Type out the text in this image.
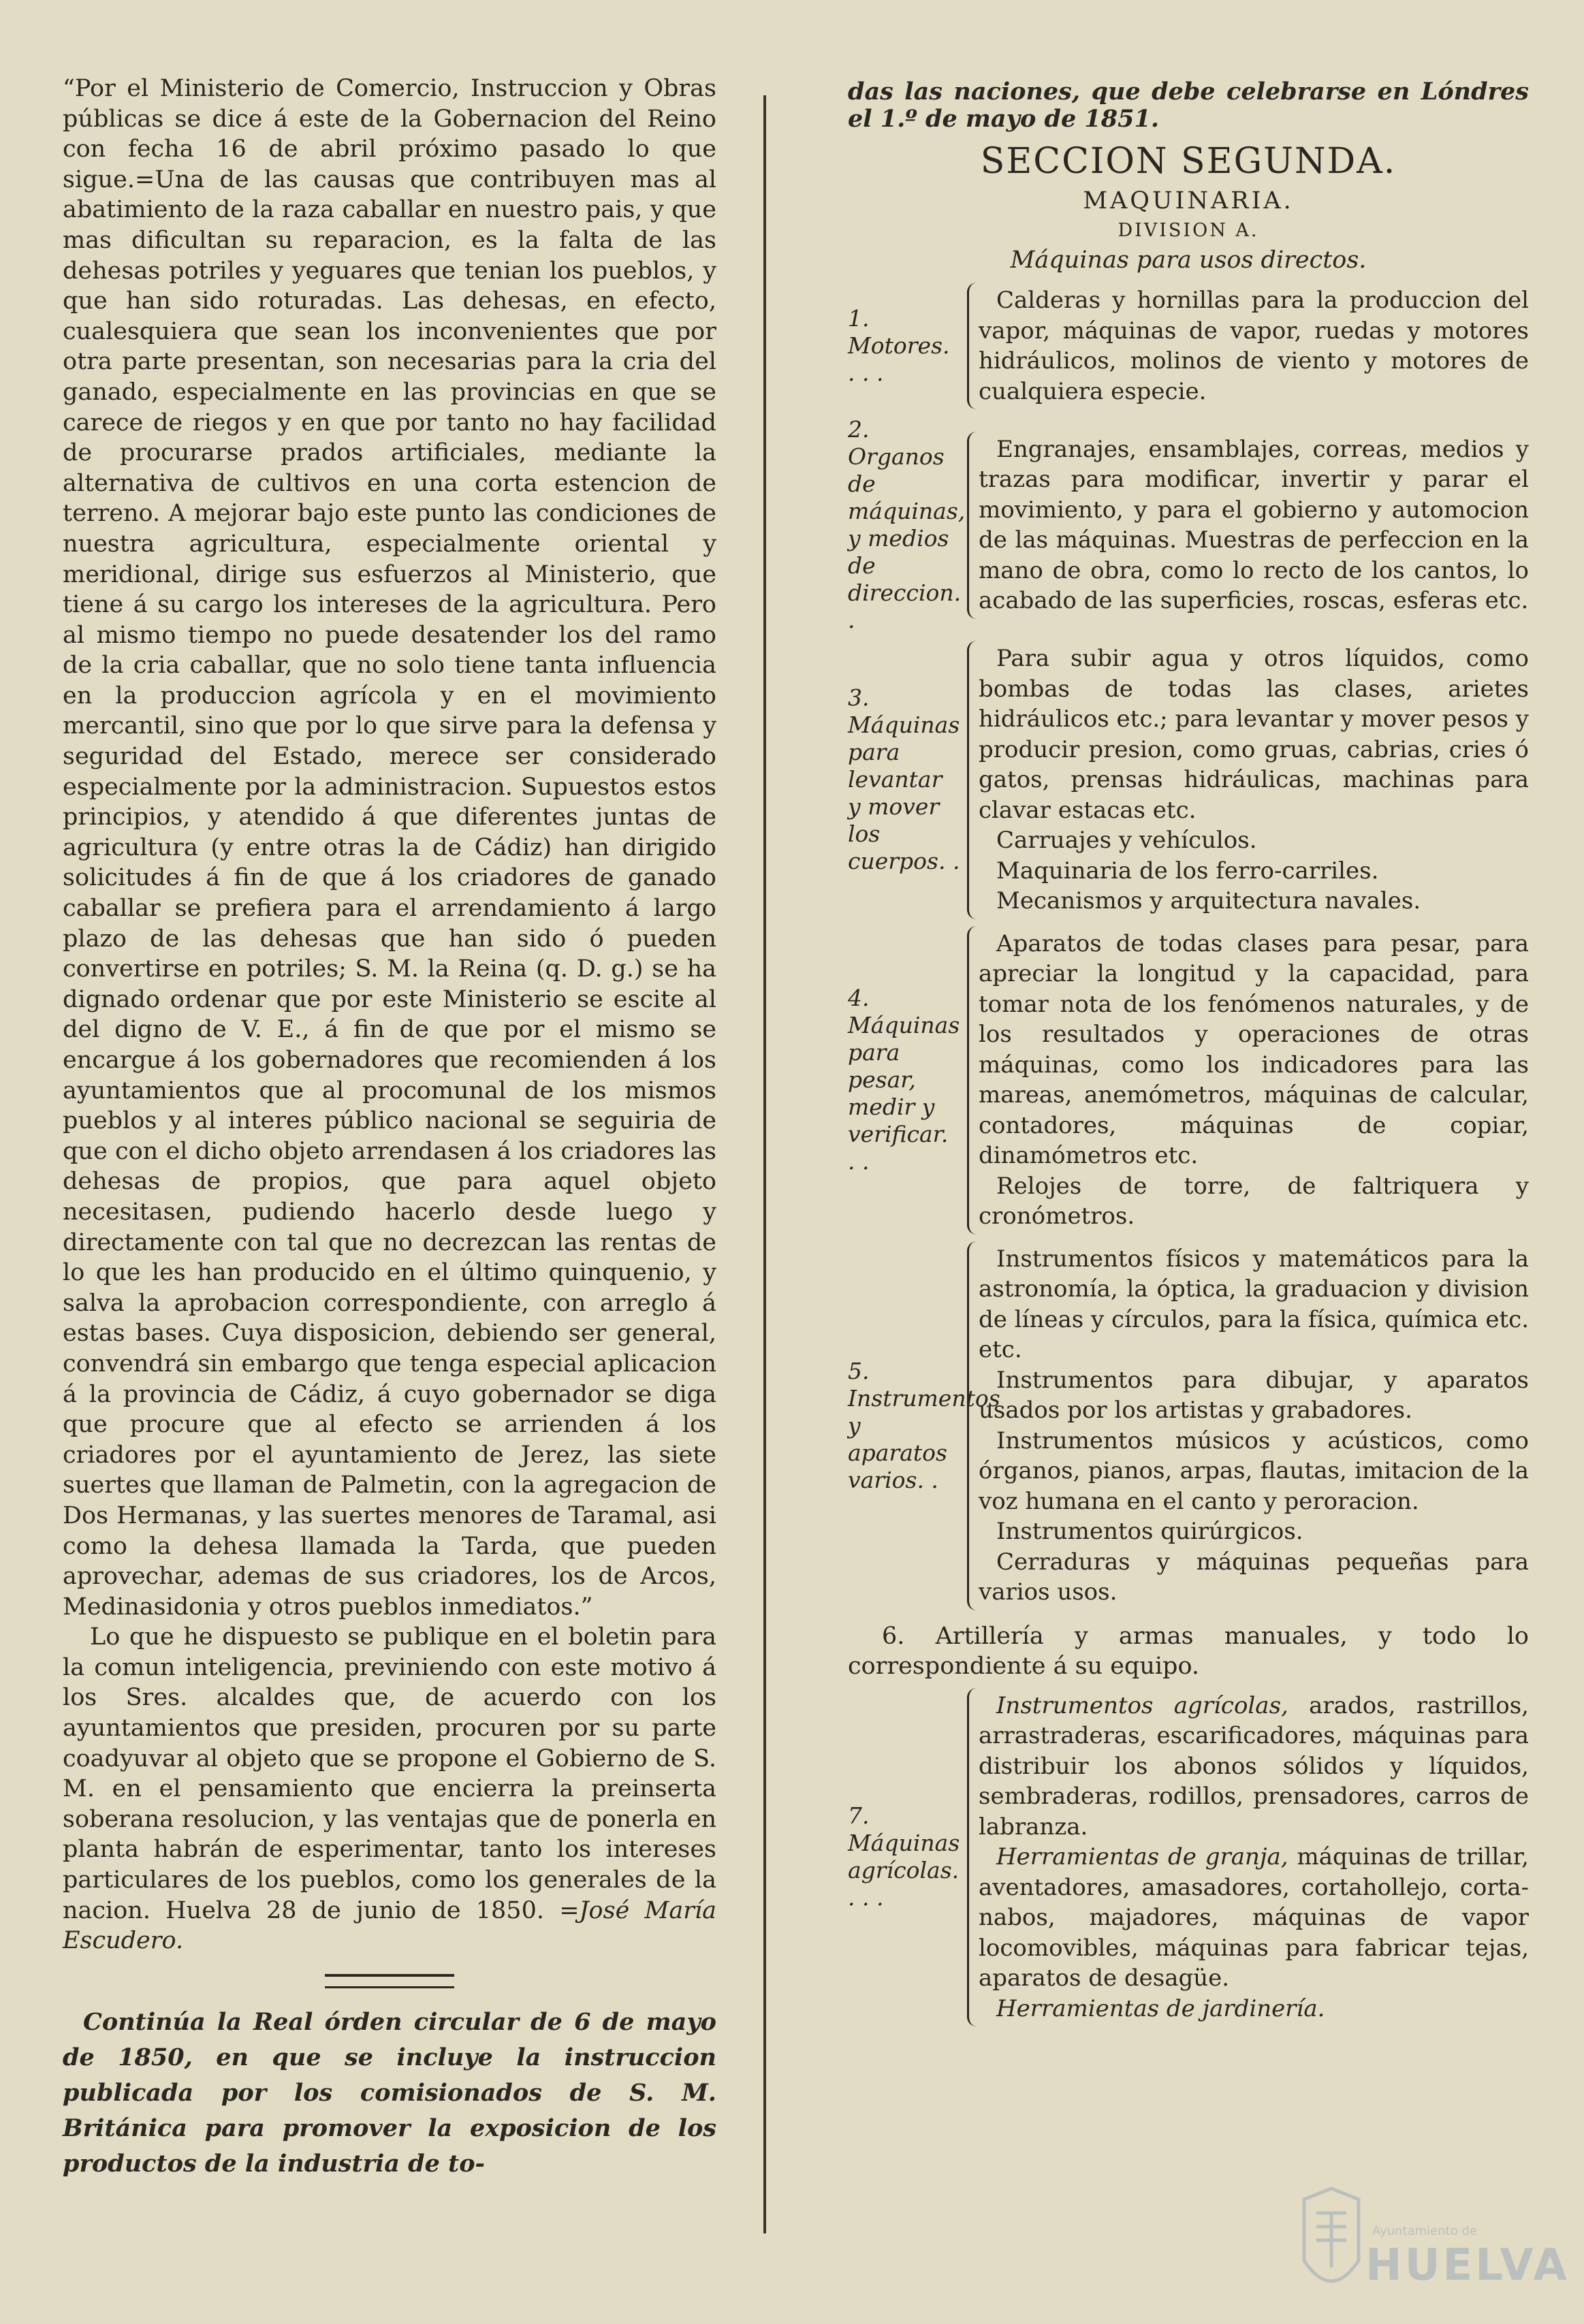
“Por el Ministerio de Comercio, Instruccion y Obras públicas se dice á este de la Gobernacion del Reino con fecha 16 de abril próximo pasado lo que sigue.=Una de las causas que contribuyen mas al abatimiento de la raza caballar en nuestro pais, y que mas dificultan su reparacion, es la falta de las dehesas potriles y yeguares que tenian los pueblos, y que han sido roturadas. Las dehesas, en efecto, cualesquiera que sean los inconvenientes que por otra parte presentan, son necesarias para la cria del ganado, especialmente en las provincias en que se carece de riegos y en que por tanto no hay facilidad de procurarse prados artificiales, mediante la alternativa de cultivos en una corta estencion de terreno. A mejorar bajo este punto las condiciones de nuestra agricultura, especialmente oriental y meridional, dirige sus esfuerzos al Ministerio, que tiene á su cargo los intereses de la agricultura. Pero al mismo tiempo no puede desatender los del ramo de la cria caballar, que no solo tiene tanta influencia en la produccion agrícola y en el movimiento mercantil, sino que por lo que sirve para la defensa y seguridad del Estado, merece ser considerado especialmente por la administracion. Supuestos estos principios, y atendido á que diferentes juntas de agricultura (y entre otras la de Cádiz) han dirigido solicitudes á fin de que á los criadores de ganado caballar se prefiera para el arrendamiento á largo plazo de las dehesas que han sido ó pueden convertirse en potriles; S. M. la Reina (q. D. g.) se ha dignado ordenar que por este Ministerio se escite al del digno de V. E., á fin de que por el mismo se encargue á los gobernadores que recomienden á los ayuntamientos que al procomunal de los mismos pueblos y al interes público nacional se seguiria de que con el dicho objeto arrendasen á los criadores las dehesas de propios, que para aquel objeto necesitasen, pudiendo hacerlo desde luego y directamente con tal que no decrezcan las rentas de lo que les han producido en el último quinquenio, y salva la aprobacion correspondiente, con arreglo á estas bases. Cuya disposicion, debiendo ser general, convendrá sin embargo que tenga especial aplicacion á la provincia de Cádiz, á cuyo gobernador se diga que procure que al efecto se arrienden á los criadores por el ayuntamiento de Jerez, las siete suertes que llaman de Palmetin, con la agregacion de Dos Hermanas, y las suertes menores de Taramal, asi como la dehesa llamada la Tarda, que pueden aprovechar, ademas de sus criadores, los de Arcos, Medinasidonia y otros pueblos inmediatos.”

Lo que he dispuesto se publique en el boletin para la comun inteligencia, previniendo con este motivo á los Sres. alcaldes que, de acuerdo con los ayuntamientos que presiden, procuren por su parte coadyuvar al objeto que se propone el Gobierno de S. M. en el pensamiento que encierra la preinserta soberana resolucion, y las ventajas que de ponerla en planta habrán de esperimentar, tanto los intereses particulares de los pueblos, como los generales de la nacion. Huelva 28 de junio de 1850. =José María Escudero.

Continúa la Real órden circular de 6 de mayo de 1850, en que se incluye la instruccion publicada por los comisionados de S. M. Británica para promover la exposicion de los productos de la industria de to-

das las naciones, que debe celebrarse en Lóndres el 1.º de mayo de 1851.

SECCION SEGUNDA.

MAQUINARIA.

DIVISION A.

Máquinas para usos directos.

1. Motores. . . .

Calderas y hornillas para la produccion del vapor, máquinas de vapor, ruedas y motores hidráulicos, molinos de viento y motores de cualquiera especie.

2. Organos de máquinas, y medios de direccion. .

Engranajes, ensamblajes, correas, medios y trazas para modificar, invertir y parar el movimiento, y para el gobierno y automocion de las máquinas. Muestras de perfeccion en la mano de obra, como lo recto de los cantos, lo acabado de las superficies, roscas, esferas etc.

3. Máquinas para levantar y mover los cuerpos. .

Para subir agua y otros líquidos, como bombas de todas las clases, arietes hidráulicos etc.; para levantar y mover pesos y producir presion, como gruas, cabrias, cries ó gatos, prensas hidráulicas, machinas para clavar estacas etc.

Carruajes y vehículos.

Maquinaria de los ferro-carriles.

Mecanismos y arquitectura navales.

4. Máquinas para pesar, medir y verificar. . .

Aparatos de todas clases para pesar, para apreciar la longitud y la capacidad, para tomar nota de los fenómenos naturales, y de los resultados y operaciones de otras máquinas, como los indicadores para las mareas, anemómetros, máquinas de calcular, contadores, máquinas de copiar, dinamómetros etc.

Relojes de torre, de faltriquera y cronómetros.

5. Instrumentos y aparatos varios. .

Instrumentos físicos y matemáticos para la astronomía, la óptica, la graduacion y division de líneas y círculos, para la física, química etc. etc.

Instrumentos para dibujar, y aparatos usados por los artistas y grabadores.

Instrumentos músicos y acústicos, como órganos, pianos, arpas, flautas, imitacion de la voz humana en el canto y peroracion.

Instrumentos quirúrgicos.

Cerraduras y máquinas pequeñas para varios usos.

6. Artillería y armas manuales, y todo lo correspondiente á su equipo.

7. Máquinas agrícolas. . . .

Instrumentos agrícolas, arados, rastrillos, arrastraderas, escarificadores, máquinas para distribuir los abonos sólidos y líquidos, sembraderas, rodillos, prensadores, carros de labranza.

Herramientas de granja, máquinas de trillar, aventadores, amasadores, cortahollejo, corta-nabos, majadores, máquinas de vapor locomovibles, máquinas para fabricar tejas, aparatos de desagüe.

Herramientas de jardinería.

Ayuntamiento de
HUELVA
